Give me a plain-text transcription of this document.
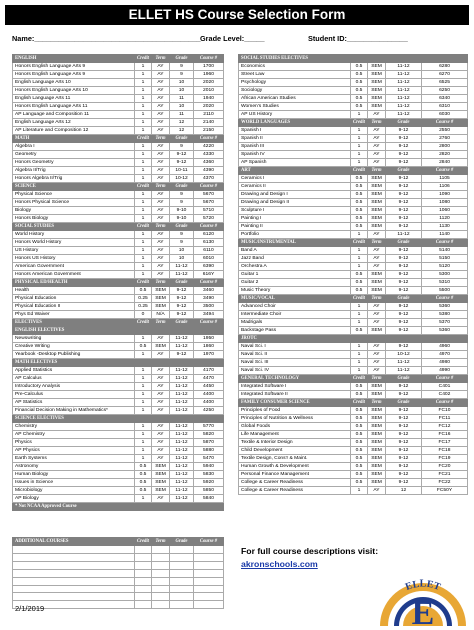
ELLET HS Course Selection Form
Name:_________________________________________ Grade Level:_____	Student ID:_______________
ENGLISH	Credit	Term	Grade	Course #
Honors English Language Arts 9	1	AY	9	1700
Honors English Language Arts 9	1	AY	9	1960
English Language Arts 10	1	AY	10	2020
Honors English Language Arts 10	1	AY	10	2010
English Language Arts 11	1	AY	11	1940
Honors English Language Arts 11	1	AY	10	2020
AP Language and Composition 11	1	AY	11	2110
English Language Arts 12	1	AY	12	2140
AP Literature and Composition 12	1	AY	12	2150
MATH	Credit	Term	Grade	Course #
Algebra I	1	AY	9	4220
Geometry	1	AY	9-12	4330
Honors Geometry	1	AY	9-12	4360
Algebra II/Trig	1	AY	10-11	4390
Honors Algebra II/Trig	1	AY	10-12	4370
SCIENCE	Credit	Term	Grade	Course #
Physical Science	1	AY	9	5670
Honors Physical Science	1	AY	9	5670
Biology	1	AY	9-10	5710
Honors Biology	1	AY	9-10	5720
SOCIAL STUDIES	Credit	Term	Grade	Course #
World History	1	AY	9	6120
Honors World History	1	AY	9	6130
US History	1	AY	10	6110
Honors US History	1	AY	10	6010
American Government	1	AY	11-12	6390
Honors American Government	1	AY	11-12	616Y
PHYSICAL ED/HEALTH	Credit	Term	Grade	Course #
Health	0.5	SEM	9-12	3460
Physical Education	0.25	SEM	9-12	3490
Physical Education II	0.25	SEM	9-12	3500
Phys Ed Waiver	0	N/A	9-12	3494
ELECTIVES	Credit	Term	Grade	Course #
ENGLISH ELECTIVES				
Newswriting	1	AY	11-12	1950
Creative Writing	0.5	SEM	11-12	1860
Yearbook -Desktop Publishing	1	AY	9-12	1970
MATH ELECTIVES				
Applied Statistics	1	AY	11-12	4170
AP Calculus	1	AY	11-12	4470
Introductory Analysis	1	AY	11-12	4450
Pre-Calculus	1	AY	11-12	4400
AP Statistics	1	AY	11-12	4400
Financial Decision Making in Mathematics*	1	AY	11-12	4250
SCIENCE ELECTIVES				
Chemistry	1	AY	11-12	5770
AP Chemistry	1	AY	11-12	5820
Physics	1	AY	11-12	5870
AP Physics	1	AY	11-12	5880
Earth Systems	1	AY	11-12	5470
Astronomy	0.5	SEM	11-12	5940
Human Biology	0.5	SEM	11-12	5830
Issues in Science	0.5	SEM	11-12	5920
Microbiology	0.5	SEM	11-12	5850
AP Biology	1	AY	11-12	5840
* Not NCAA Approved Course				
SOCIAL STUDIES ELECTIVES				
Economics	0.5	SEM	11-12	6280
Street Law	0.5	SEM	11-12	6270
Psychology	0.5	SEM	11-12	6525
Sociology	0.5	SEM	11-12	6250
African American Studies	0.5	SEM	11-12	6340
Women's Studies	0.5	SEM	11-12	6310
AP US History	1	AY	11-12	6030
WORLD LANGUAGES	Credit	Term	Grade	Course #
Spanish I	1	AY	9-12	2550
Spanish II	1	AY	9-12	2760
Spanish III	1	AY	9-12	2800
Spanish IV	1	AY	9-12	2820
AP Spanish	1	AY	9-12	2840
ART	Credit	Term	Grade	Course #
Ceramics I	0.5	SEM	9-12	1105
Ceramics II	0.5	SEM	9-12	1106
Drawing and Design I	0.5	SEM	9-12	1090
Drawing and Design II	0.5	SEM	9-12	1080
Sculpture I	0.5	SEM	9-12	1060
Painting I	0.5	SEM	9-12	1120
Painting II	0.5	SEM	9-12	1130
Portfolio	1	AY	11-12	1140
MUSIC/INSTRUMENTAL	Credit	Term	Grade	Course #
Band A	1	AY	9-12	5140
Jazz Band	1	AY	9-12	5150
Orchestra A	1	AY	9-12	5120
Guitar 1	0.5	SEM	9-12	5300
Guitar 2	0.5	SEM	9-12	5310
Music Theory	0.5	SEM	9-12	5500
MUSIC/VOCAL	Credit	Term	Grade	Course #
Advanced Choir	1	AY	9-12	5360
Intermediate Choir	1	AY	9-12	5380
Madrigals	1	AY	9-12	5370
Backstage Pass	0.5	SEM	9-12	5360
JROTC				
Naval Sci. I	1	AY	9-12	4960
Naval Sci. II	1	AY	10-12	4970
Naval Sci. III	1	AY	11-12	4980
Naval Sci. IV	1	AY	11-12	4990
GENERAL TECHNOLOGY	Credit	Term	Grade	Course #
Integrated Software I	0.5	SEM	9-12	C401
Integrated Software II	0.5	SEM	9-12	C402
FAMILY CONSUMER SCIENCE	Credit	Term	Grade	Course #
Principles of Food	0.5	SEM	9-12	FC10
Principles of Nutrition & Wellness	0.5	SEM	9-12	FC11
Global Foods	0.5	SEM	9-12	FC12
Life Management	0.5	SEM	9-12	FC16
Textile & Interior Design	0.5	SEM	9-12	FC17
Child Development	0.5	SEM	9-12	FC18
Textile Design, Cons'r & Maint.	0.5	SEM	9-12	FC19
Human Growth & Development	0.5	SEM	9-12	FC20
Personal Finance Management	0.5	SEM	9-12	FC21
College & Career Readiness	0.5	SEM	9-12	FC22
College & Career Readiness	1	AY	12	FC50Y
ADDITIONAL COURSES	Credit	Term	Grade	Course #

For full course descriptions visit:
akronschools.com
E
ELLET
2/1/2019
